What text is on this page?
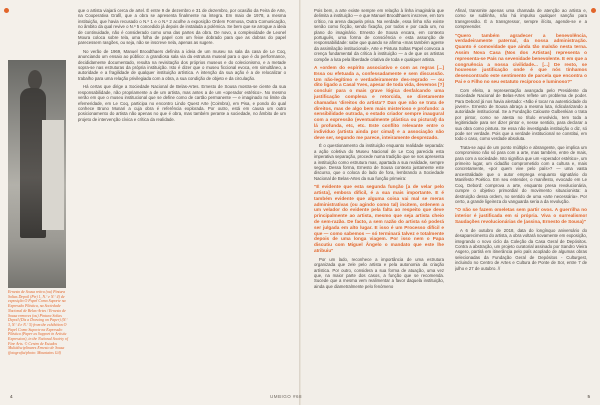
Ernesto de Sousa retira (ou) Pintura Soltas Depoil (Ptr) 1, N.º e N.º 4) de exposição O Papel Como Suporte na Expressão Plástica, na Sociedade Nacional de Belas-Artes / Ernesto de Sousa removes (ou) Pintura Soltas Depoil (Dis a Drawing on Paper) (N.º 3, N.º 4 e N.º 5) from the exhibition O Papel Como Suporte na Expressão Plástica (Paper as Support in Artistic Expression), in the National Society of Fine Arts. © Centro de Estudos Multidisciplinares Ernesto de Sousa (fotografia/photo: Mountains Gil)

que o artista viajará cerca de artel. É entre 9 de dezembro e 31 de dezembro, por ocasião da Feira de Arte, na Cooperativa Grafil, que a obra se apresenta finalmente na íntegra. Em maio de 1978, a mesma instituição, que havia recusado o N.º 1 e o N.º 2 acolhe a exposição Ordem Formosa, Outra Comunicação, no âmbito da qual revive o N.º 5 concedido já depois de instalada a polémica. Se bem que se arrogue a ideia de continuidade, não é considerado como uma das partes da obra. De novo, a complexidade de Leonel Moura coloca sobre tela, uma folha de papel com um feixe dobrado para que as dobras do papel parecessem rasgões, ou seja, não se inscreve nela, apenas as sugere.

No verão de 1969, Manuel Broodthaers definira a ideia de um museu na sala da casa de Le Coq, anunciando um ensaio ao público: a grandiosa sala via da estrutura museal para o que é do performance, decididamente documentado, resulta na revisitação dos próprios museus e do colecionismo, e a metade sopra-se nas estruturas da própria instituição. Isto é dizer que o museu ficcional evoca, em simultâneo, a autoridade e a fragilidade de qualquer instituição artística. A intenção da sua ação é a de relocalizar o trabalho para uma relação privilegiada com a obra, a sua condição de objeto e da circulação.

Há certas que dirige a Sociedade Nacional de Belas-Artes. Ernesto de Sousa mostra-se ciente da sua responsabilidade, não propriamente a de um artista, mas antes a de um «operador estético». No mesmo verão em que o museu institucional que se define como de cartão permanente — e imaginado no limite da efemeridade, em Le Coq, participa no encontro Lindo Quest Arte (Coimbra), em Pisa, e pondo do qual conhece Bruno Munari a cuja obra é referência explorada. Por outro, está em causa um outro posicionamento do artista não apenas no que é obra, mas também perante a sociedade, no âmbito de um projeto de intervenção cívica e crítica da realidade.

Pois bem, a arte existe sempre em relação à linha imaginária que delimita a instituição — e que Manuel Broodthaers inscreve, em tom crítico, na arena daquela prisa. Na verdade, essa linha não existe senão como ficção, sendo fixação, por todos e por cada um, no plano do imaginário. Ernesto de Sousa encara, em contexto português, uma forma de consciência e esta assunção de responsabilidade: sabe que quando se afirma «mas também agente da assimilação institucional», Arte e Pintura Soltas Papel convoca a crença fundamental da crítica à instituição — a de que os artistas compõe a luta pela liberdade criativa de toda e qualquer artista.

A «ordem do espírito associativo e com as regras [...] Essa ou efetuada a, confessadamente e sem discussão. Um não-legítimo e verdadeiramente des-regrado — ou dito ligado a Casal Yves, apesar de toda vida, devemos [?] concluir para o mais grave lógica desfalcando uma justificação complexa e retorcida, se diretamente chamadas ʻdireitos do artistaʼ? Dan que não se trata de direitos, mas de algo bem mais misterioso e profundo: a sensibilidade outrada, o estado criador sempre inaugural com a expressão (eventualmente plástica ou pictural) da lá profunda, etc, etc. Este conflito relevante entre o indivíduo (artista ainda por cimal) e a associação não deve ser, segundo me parece, inteiramente desprezado.

É o questionamento da instituição enquanto realidade separada: a ação coletiva do Museu Nacional de Le Coq parecida esta imperativa separação, procede numa tradição que se nos apresenta a instituição como estrutura mas, apartada a sua realidade, sempre segue. Dessa forma, Ernesto de Sousa contexto justamente este discurso, que o coloca do lado de fora, lembrando a Sociedade Nacional de Belas-Artes da sua função primeira:

"É evidente que esta segunda função [a de velar pelo artista], embora difícil, é a sua mais importante. E é também evidente que alguma coisa vai mal se meras administrativas (ou agindo como tal) incitem, ordenem a um velador do evidente pela falta ao respeito que deve principalmente ao artista, mesmo que seja artista cheio de sem-razão. De facto, a sem razão do artista só poderá ser julgada em alto lugar. E isso é um Processo difícil e que — como sabemos — só terminará talvez e totalmente depois de uma longa viagem. Por isso nem o Papa discutiu com Miguel Ângelo o mandato que este lhe atribuiu"

Por um lado, reconhece a importância de uma estrutura organizada que zele pelo artista e pela autonomia da criação artística. Por outro, considera a sua forma de atuação, uma vez que, na maior parte dos casos, a função que se recomenda. Sucede que a mesma vem realimentar a favor daquela instituição, ainda que diametralmente pelo fenómeno

Afinal, transmite apenas uma chamada de atenção ao artista e, como se sublinha, não há impulso qualquer sanção para transgressão. É a transgressor, sempre ilícito, agende-se e a compreender.

"Quero também agradecer a benevolência, verdadeiramente paternal, da nossa administração. Quanto é comovidade que ainda tão malsão nesta terna. Assim Nova Casa (Nos dos Artistas) representa o representa-se País na sevenidade benevolente. E em que a congruência a nossa civilidade... [...] De resto, se houvesse justificação onde é que nós tínhamos desencontrado este sentimento de parcela que encontra o Pai e o Filho no seu estatuto recíproco e luminoso?"

Com efeito, a representação avançada pelo Presidente da Sociedade Nacional de Belas-Artes reflete um problema de poder. Para Debord já nos havia alertado: «Não é tocar na autenticidade do jovem». Ernesto de Sousa abraça a mesma luta, ridicularizando a autoridade institucional. Se a Fundação Calouste Gulbenkian o trata por pintor, como se atesta no título envolvido, tem toda a legitimidade para ser dizer pintor e, nesse sentido, para declarar a sua obra como pintura. Se essa não investigada instituição o diz, só pode ser verdade. Pois que a verdade institucional se constitui, em todo o caso, como verdade absoluta.

Trata-se aqui de um ponto múltiplo e abrangente, que implica um compromisso não só para com a arte, mas também, entre de mais, para com a sociedade. Isto significa que um «operador estético», um primeiro lugar, um cidadão comprometido com a cultura e, mais concretamente, «por quem vive pelo país»? — uma vasta ancestralidade que o autor emprega enquanto signatário do Manifesto Poético. Em seu entender, o manifesto, evocado em Le Coq, Debord: comprova a arte, enquanto presa revolucionária, cumpre o objetivo primordial do movimento situacionista: a destruição dessa ordem, no sentido de uma «arte necessária». Por certo, a grande ligeireza do vanguarda seria a da revolução.

"O não se fazem omeletas sem partir ovos. A guerrilha no interior é justificada em si própria. Viva o surrealismo! Saudações revolucionárias de (assina, Ernesto de Sousa)"

A 6 de outubro de 2018, data do longínquo aniversário do desaparecimento do artista, a obra voltará novamente em exposição, integrando o novo ciclo da Coleção da Casa Geral de Depósitos. Contra a abstração, um projeto curatorial assinado por Sandro Vieira Asgero, partirá em itinerância pelo país acoplado de algumas obras selecionadas da Fundação Geral de Depósitos - Culturgest, incluindo no Centro de Artes e Cultura de Ponte de Sor, entre 7 de julho e 27 de outubro. //

4	UMBIGO #68	5
